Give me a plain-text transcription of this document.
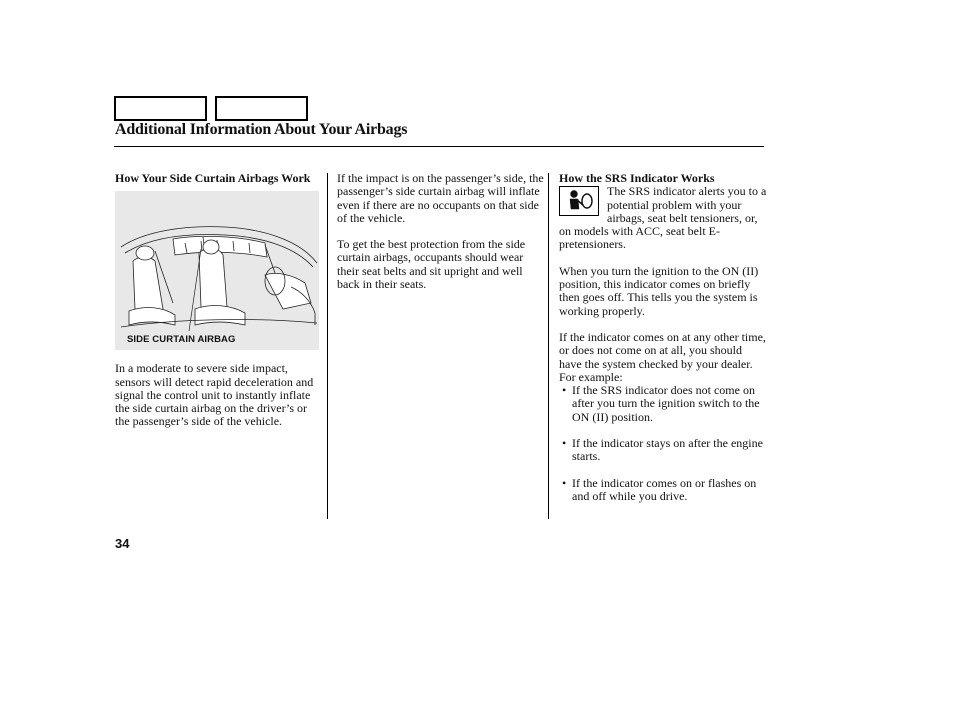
Additional Information About Your Airbags
How Your Side Curtain Airbags Work
SIDE CURTAIN AIRBAG

In a moderate to severe side impact, sensors will detect rapid deceleration and signal the control unit to instantly inflate the side curtain airbag on the driver’s or the passenger’s side of the vehicle.

If the impact is on the passenger’s side, the passenger’s side curtain airbag will inflate even if there are no occupants on that side of the vehicle.

To get the best protection from the side curtain airbags, occupants should wear their seat belts and sit upright and well back in their seats.

How the SRS Indicator Works

The SRS indicator alerts you to a potential problem with your airbags, seat belt tensioners, or, on models with ACC, seat belt E-pretensioners.

When you turn the ignition to the ON (II) position, this indicator comes on briefly then goes off. This tells you the system is working properly.

If the indicator comes on at any other time, or does not come on at all, you should have the system checked by your dealer. For example:

• If the SRS indicator does not come on after you turn the ignition switch to the ON (II) position.
• If the indicator stays on after the engine starts.
• If the indicator comes on or flashes on and off while you drive.
34
